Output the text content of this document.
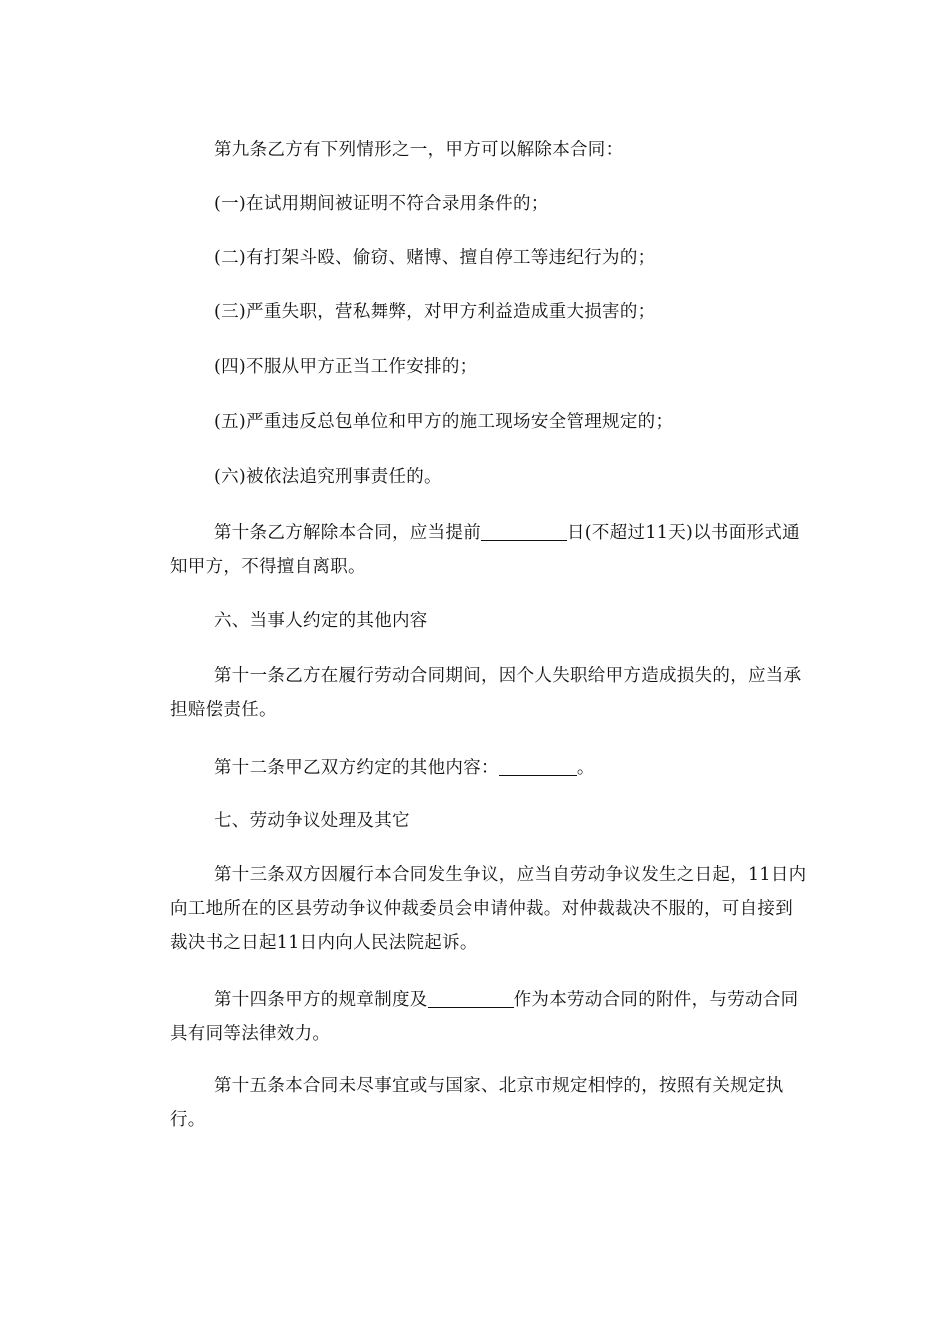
第九条乙方有下列情形之一，甲方可以解除本合同：

(一)在试用期间被证明不符合录用条件的；

(二)有打架斗殴、偷窃、赌博、擅自停工等违纪行为的；

(三)严重失职，营私舞弊，对甲方利益造成重大损害的；

(四)不服从甲方正当工作安排的；

(五)严重违反总包单位和甲方的施工现场安全管理规定的；

(六)被依法追究刑事责任的。

第十条乙方解除本合同，应当提前	日(不超过11天)以书面形式通知甲方，不得擅自离职。

六、当事人约定的其他内容

第十一条乙方在履行劳动合同期间，因个人失职给甲方造成损失的，应当承担赔偿责任。

第十二条甲乙双方约定的其他内容：	。

七、劳动争议处理及其它

第十三条双方因履行本合同发生争议，应当自劳动争议发生之日起，11日内向工地所在的区县劳动争议仲裁委员会申请仲裁。对仲裁裁决不服的，可自接到裁决书之日起11日内向人民法院起诉。

第十四条甲方的规章制度及	作为本劳动合同的附件，与劳动合同具有同等法律效力。

第十五条本合同未尽事宜或与国家、北京市规定相悖的，按照有关规定执行。
